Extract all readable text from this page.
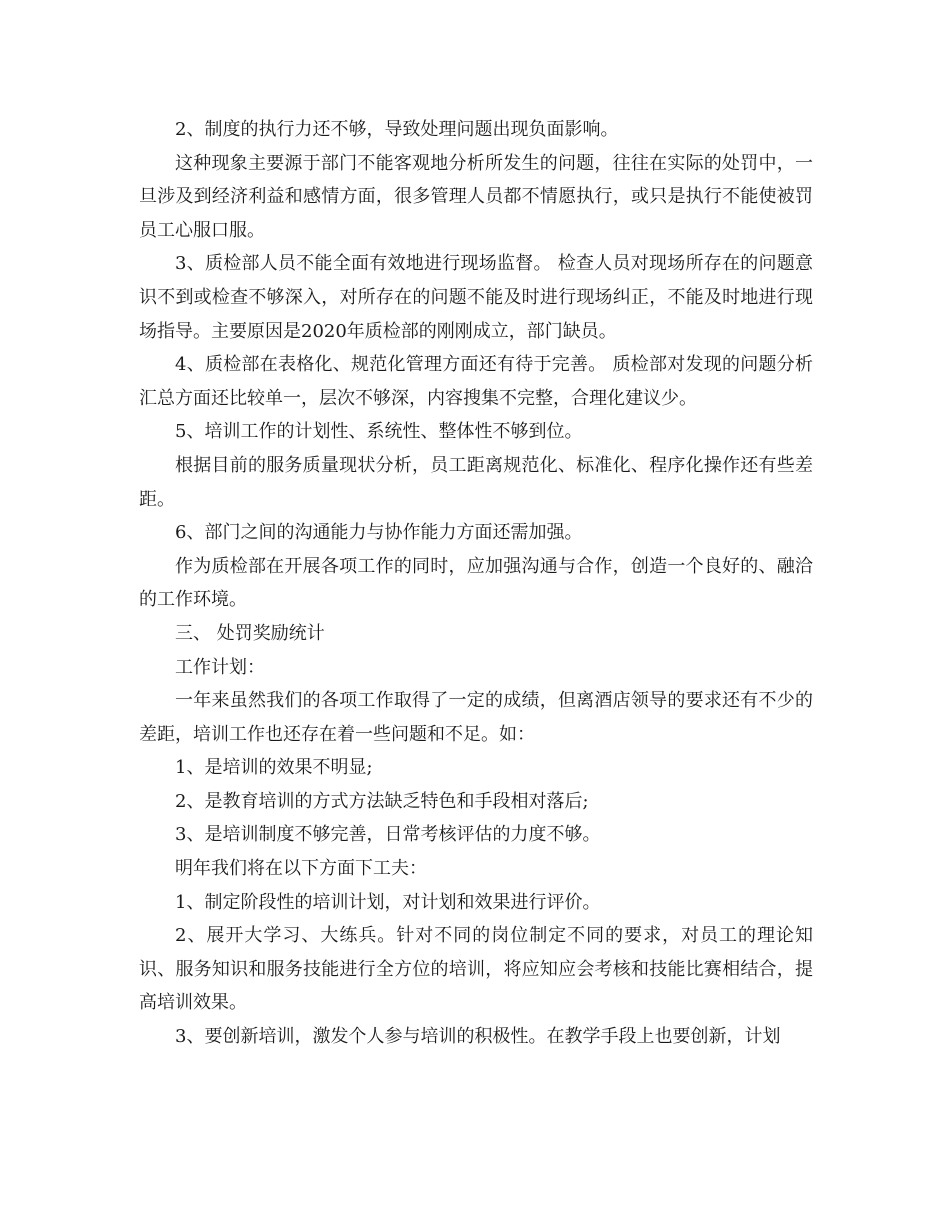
2、制度的执行力还不够，导致处理问题出现负面影响。

这种现象主要源于部门不能客观地分析所发生的问题，往往在实际的处罚中，一旦涉及到经济利益和感情方面，很多管理人员都不情愿执行，或只是执行不能使被罚员工心服口服。

3、质检部人员不能全面有效地进行现场监督。 检查人员对现场所存在的问题意识不到或检查不够深入，对所存在的问题不能及时进行现场纠正，不能及时地进行现场指导。主要原因是2020年质检部的刚刚成立，部门缺员。

4、质检部在表格化、规范化管理方面还有待于完善。 质检部对发现的问题分析汇总方面还比较单一，层次不够深，内容搜集不完整，合理化建议少。

5、培训工作的计划性、系统性、整体性不够到位。

根据目前的服务质量现状分析，员工距离规范化、标准化、程序化操作还有些差距。

6、部门之间的沟通能力与协作能力方面还需加强。

作为质检部在开展各项工作的同时，应加强沟通与合作，创造一个良好的、融洽的工作环境。

三、 处罚奖励统计

工作计划：

一年来虽然我们的各项工作取得了一定的成绩，但离酒店领导的要求还有不少的差距，培训工作也还存在着一些问题和不足。如：

1、是培训的效果不明显;

2、是教育培训的方式方法缺乏特色和手段相对落后;

3、是培训制度不够完善，日常考核评估的力度不够。

明年我们将在以下方面下工夫：

1、制定阶段性的培训计划，对计划和效果进行评价。

2、展开大学习、大练兵。针对不同的岗位制定不同的要求，对员工的理论知识、服务知识和服务技能进行全方位的培训，将应知应会考核和技能比赛相结合，提高培训效果。

3、要创新培训，激发个人参与培训的积极性。在教学手段上也要创新，计划
